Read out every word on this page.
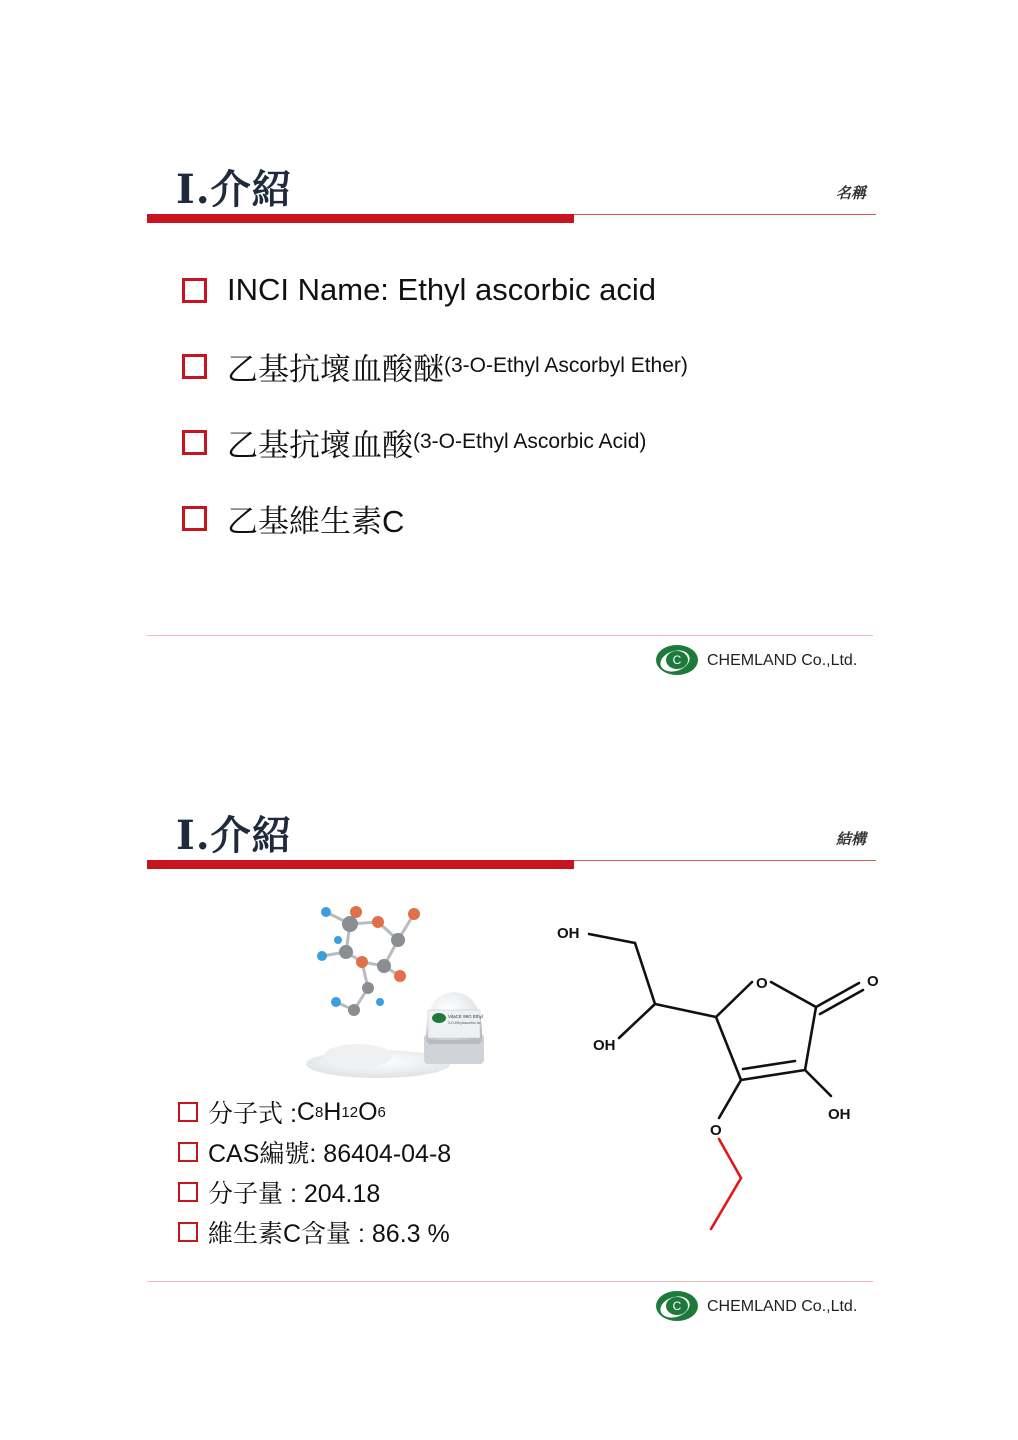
I.介紹	名稱
INCI Name: Ethyl ascorbic acid
乙基抗壞血酸醚 (3-O-Ethyl Ascorbyl Ether)
乙基抗壞血酸 (3-O-Ethyl Ascorbic Acid)
乙基維生素C
C CHEMLAND Co.,Ltd.
I.介紹	結構
VitaCE 99G Ethyl
3-O-Ethylascorbic Ac
OH
OH
O	O
OH
O
分子式 : C 8 H 12 O 6
CAS編號: 86404-04-8
分子量 : 204.18
維生素C含量 : 86.3 %
C CHEMLAND Co.,Ltd.
